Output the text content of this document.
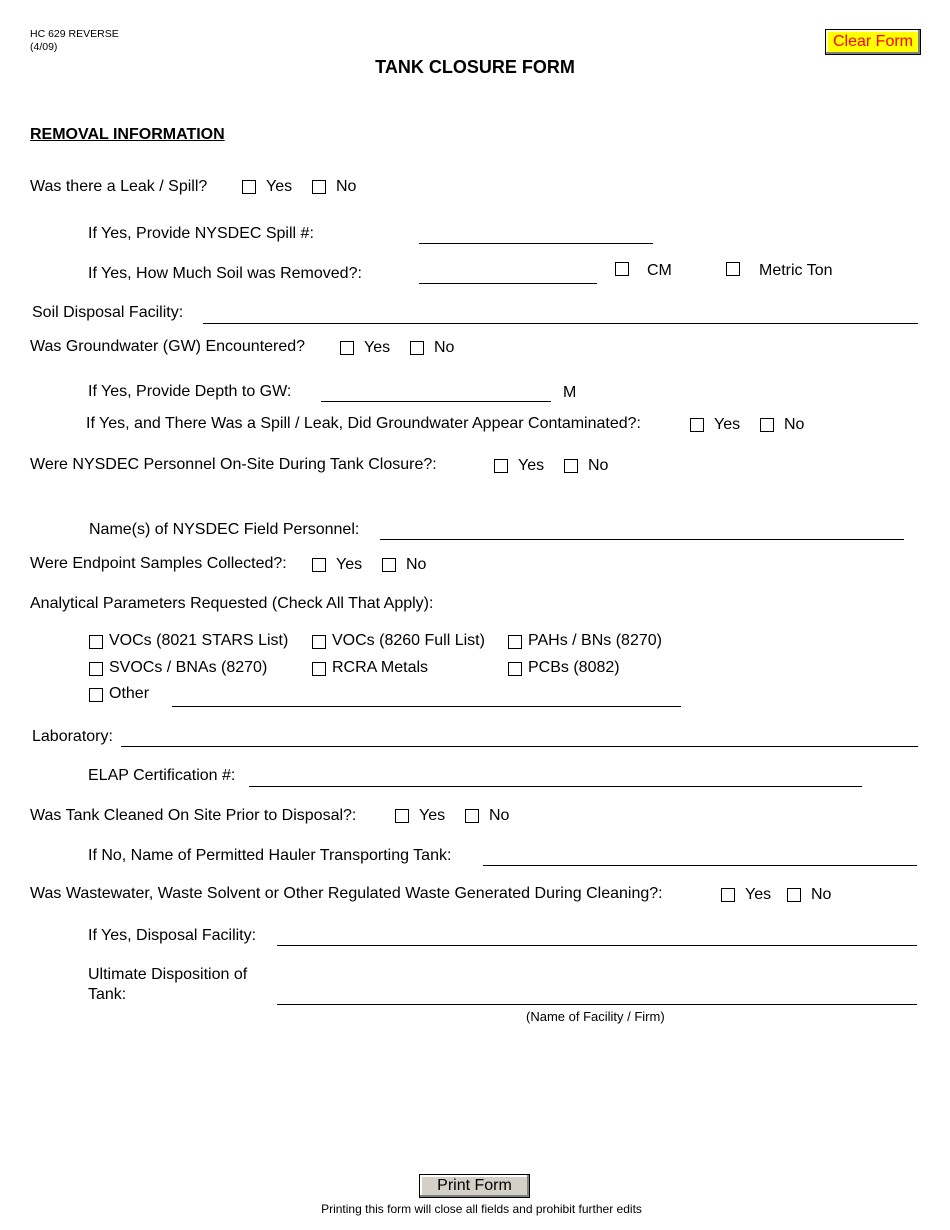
HC 629 REVERSE
(4/09)
TANK CLOSURE FORM
Clear Form
REMOVAL INFORMATION
Was there a Leak / Spill?	Yes	No
If Yes, Provide NYSDEC Spill #:
If Yes, How Much Soil was Removed?:	CM	Metric Ton
Soil Disposal Facility:
Was Groundwater (GW) Encountered?	Yes	No
If Yes, Provide Depth to GW:	M
If Yes, and There Was a Spill / Leak, Did Groundwater Appear Contaminated?:	Yes	No
Were NYSDEC Personnel On-Site During Tank Closure?:	Yes	No
Name(s) of NYSDEC Field Personnel:
Were Endpoint Samples Collected?:	Yes	No
Analytical Parameters Requested (Check All That Apply):
VOCs (8021 STARS List)	VOCs (8260 Full List)	PAHs / BNs (8270)
SVOCs / BNAs (8270)	RCRA Metals	PCBs (8082)
Other
Laboratory:
ELAP Certification #:
Was Tank Cleaned On Site Prior to Disposal?:	Yes	No
If No, Name of Permitted Hauler Transporting Tank:
Was Wastewater, Waste Solvent or Other Regulated Waste Generated During Cleaning?:	Yes No
If Yes, Disposal Facility:
Ultimate Disposition of
Tank:
(Name of Facility / Firm)
Print Form
Printing this form will close all fields and prohibit further edits
